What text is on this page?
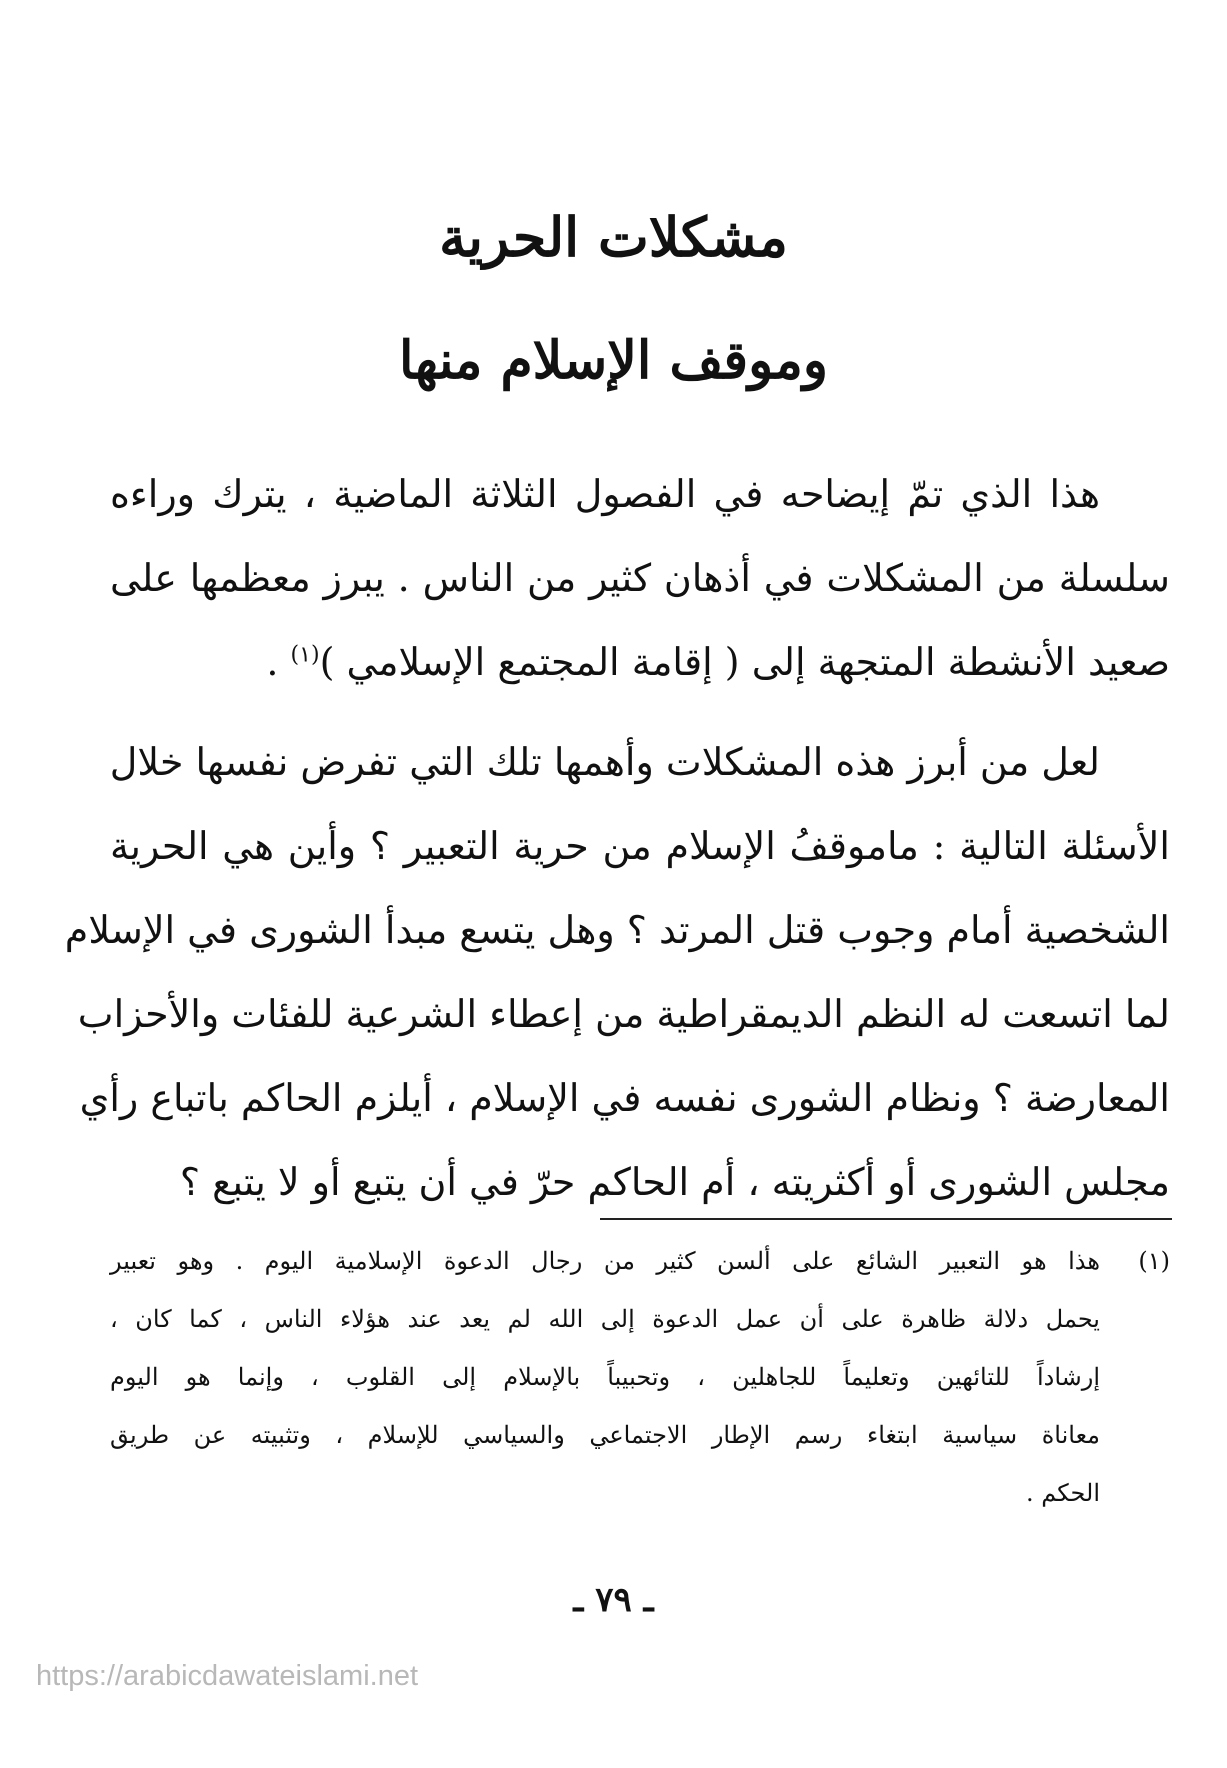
مشكلات الحرية
وموقف الإسلام منها
هذا الذي تمّ إيضاحه في الفصول الثلاثة الماضية ، يترك وراءه
سلسلة من المشكلات في أذهان كثير من الناس . يبرز معظمها على
صعيد الأنشطة المتجهة إلى ( إقامة المجتمع الإسلامي )$^{(١)}$ .
لعل من أبرز هذه المشكلات وأهمها تلك التي تفرض نفسها خلال
الأسئلة التالية : ماموقفُ الإسلام من حرية التعبير ؟ وأين هي الحرية
الشخصية أمام وجوب قتل المرتد ؟ وهل يتسع مبدأ الشورى في الإسلام
لما اتسعت له النظم الديمقراطية من إعطاء الشرعية للفئات والأحزاب
المعارضة ؟ ونظام الشورى نفسه في الإسلام ، أيلزم الحاكم باتباع رأي
مجلس الشورى أو أكثريته ، أم الحاكم حرّ في أن يتبع أو لا يتبع ؟
(١)
هذا هو التعبير الشائع على ألسن كثير من رجال الدعوة الإسلامية اليوم . وهو تعبير
يحمل دلالة ظاهرة على أن عمل الدعوة إلى الله لم يعد عند هؤلاء الناس ، كما كان ،
إرشاداً للتائهين وتعليماً للجاهلين ، وتحبيباً بالإسلام إلى القلوب ، وإنما هو اليوم
معاناة سياسية ابتغاء رسم الإطار الاجتماعي والسياسي للإسلام ، وتثبيته عن طريق
الحكم .
ـ ٧٩ ـ
https://arabicdawateislami.net
